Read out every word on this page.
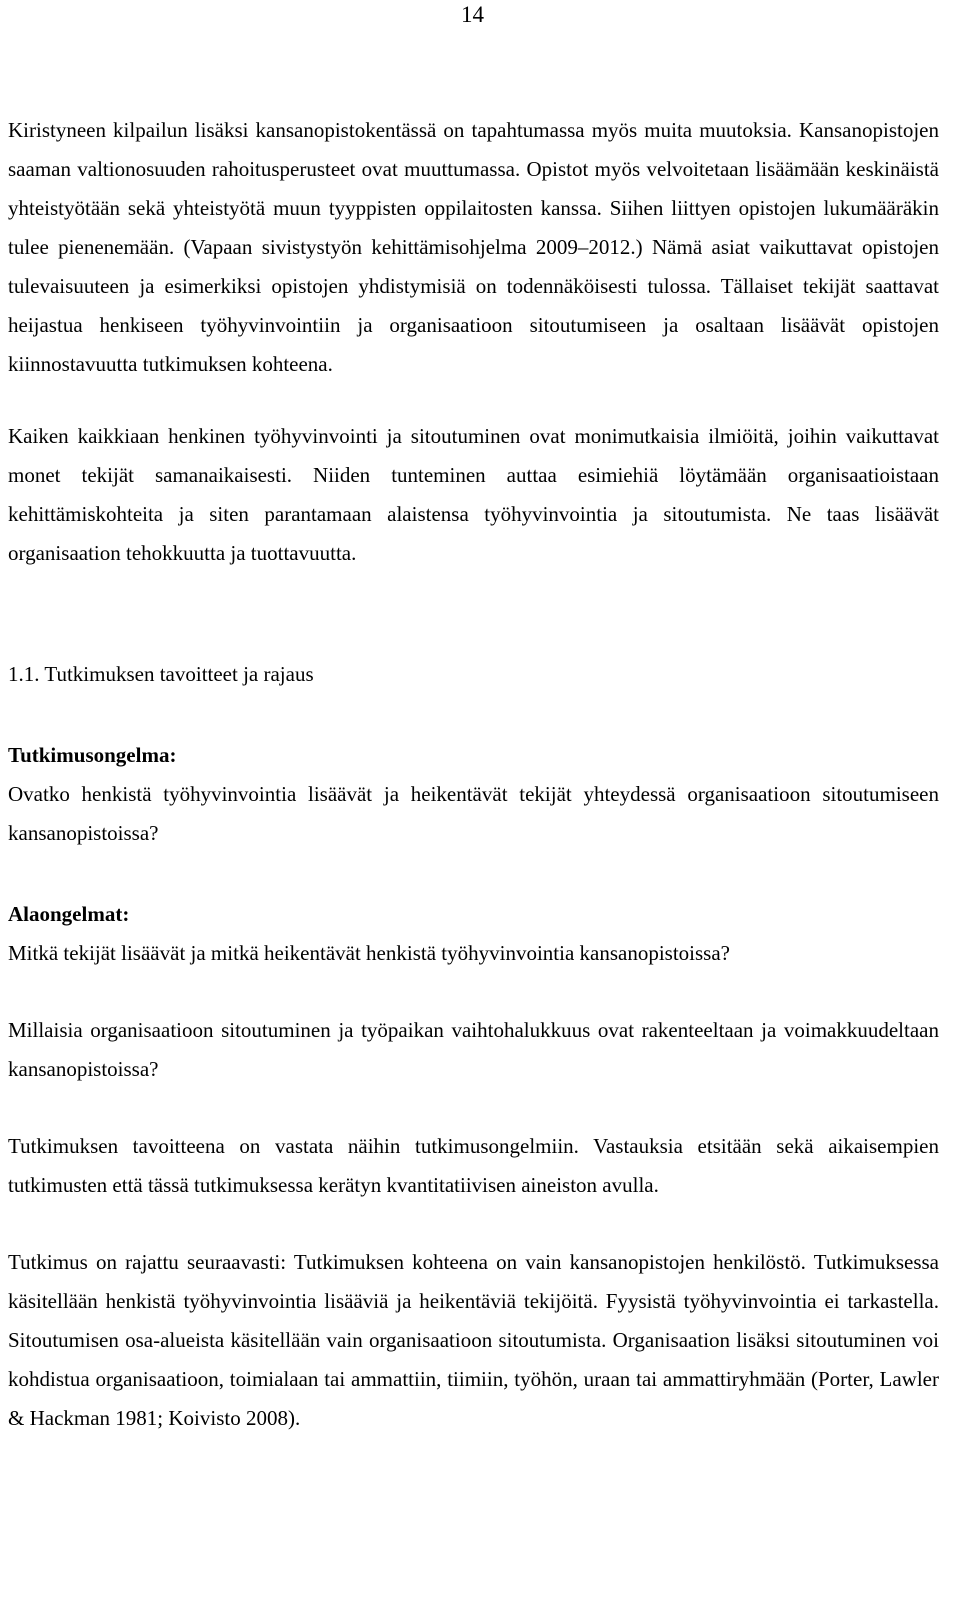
14

Kiristyneen kilpailun lisäksi kansanopistokentässä on tapahtumassa myös muita muutoksia. Kansanopistojen saaman valtionosuuden rahoitusperusteet ovat muuttumassa. Opistot myös velvoitetaan lisäämään keskinäistä yhteistyötään sekä yhteistyötä muun tyyppisten oppilaitosten kanssa. Siihen liittyen opistojen lukumääräkin tulee pienenemään. (Vapaan sivistystyön kehittämisohjelma 2009–2012.) Nämä asiat vaikuttavat opistojen tulevaisuuteen ja esimerkiksi opistojen yhdistymisiä on todennäköisesti tulossa. Tällaiset tekijät saattavat heijastua henkiseen työhyvinvointiin ja organisaatioon sitoutumiseen ja osaltaan lisäävät opistojen kiinnostavuutta tutkimuksen kohteena.

Kaiken kaikkiaan henkinen työhyvinvointi ja sitoutuminen ovat monimutkaisia ilmiöitä, joihin vaikuttavat monet tekijät samanaikaisesti. Niiden tunteminen auttaa esimiehiä löytämään organisaatioistaan kehittämiskohteita ja siten parantamaan alaistensa työhyvinvointia ja sitoutumista. Ne taas lisäävät organisaation tehokkuutta ja tuottavuutta.

1.1. Tutkimuksen tavoitteet ja rajaus
Tutkimusongelma:

Ovatko henkistä työhyvinvointia lisäävät ja heikentävät tekijät yhteydessä organisaatioon sitoutumiseen kansanopistoissa?

Alaongelmat:

Mitkä tekijät lisäävät ja mitkä heikentävät henkistä työhyvinvointia kansanopistoissa?

Millaisia organisaatioon sitoutuminen ja työpaikan vaihtohalukkuus ovat rakenteeltaan ja voimakkuudeltaan kansanopistoissa?

Tutkimuksen tavoitteena on vastata näihin tutkimusongelmiin. Vastauksia etsitään sekä aikaisempien tutkimusten että tässä tutkimuksessa kerätyn kvantitatiivisen aineiston avulla.

Tutkimus on rajattu seuraavasti: Tutkimuksen kohteena on vain kansanopistojen henkilöstö. Tutkimuksessa käsitellään henkistä työhyvinvointia lisääviä ja heikentäviä tekijöitä. Fyysistä työhyvinvointia ei tarkastella. Sitoutumisen osa-alueista käsitellään vain organisaatioon sitoutumista. Organisaation lisäksi sitoutuminen voi kohdistua organisaatioon, toimialaan tai ammattiin, tiimiin, työhön, uraan tai ammattiryhmään (Porter, Lawler & Hackman 1981; Koivisto 2008).
